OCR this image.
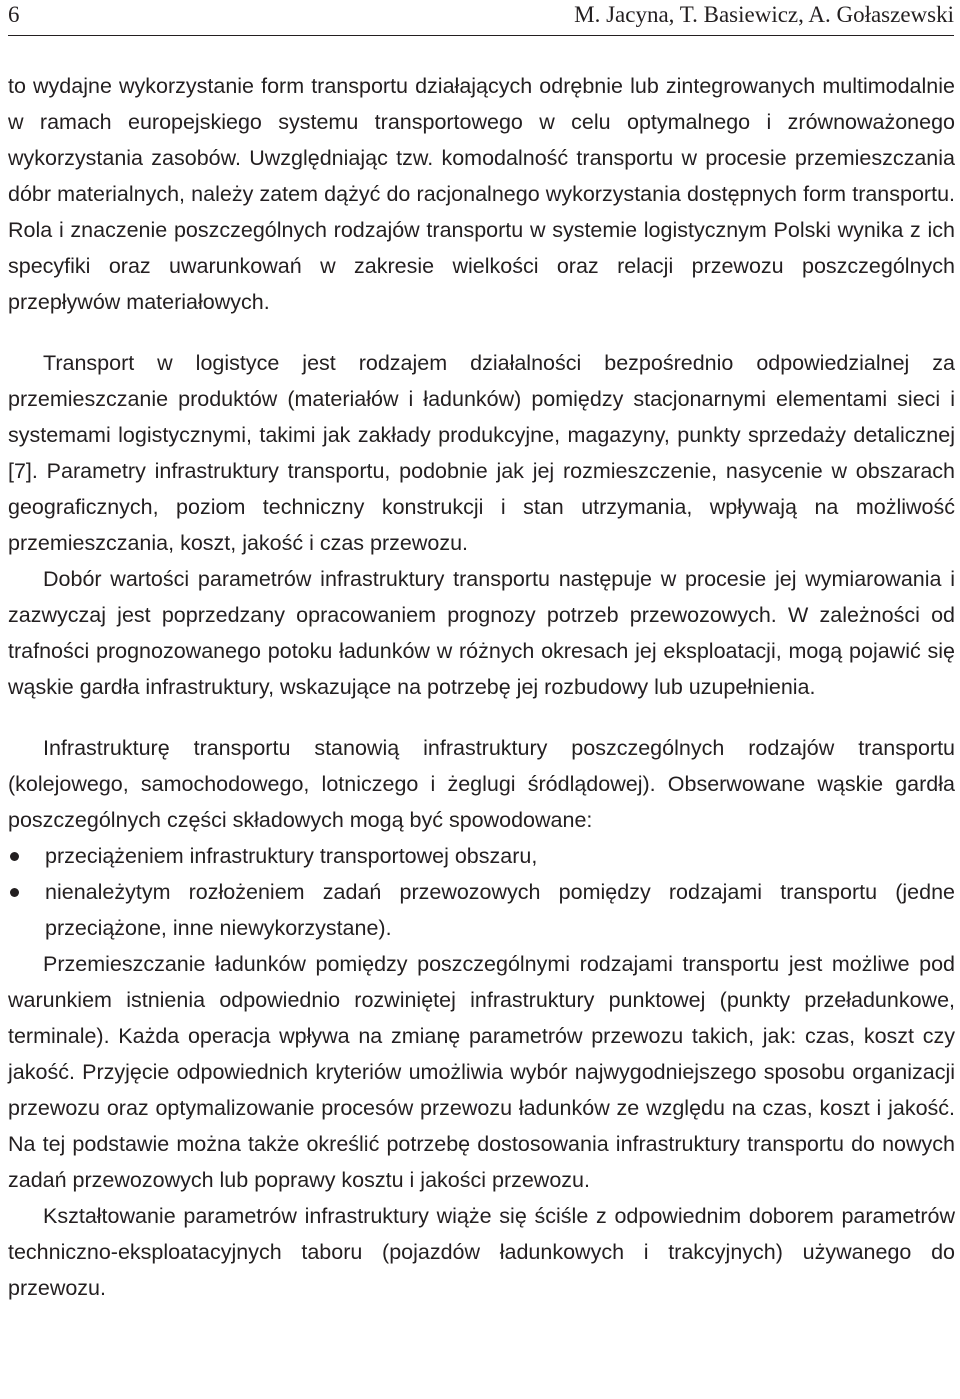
6	M. Jacyna, T. Basiewicz, A. Gołaszewski

to wydajne wykorzystanie form transportu działających odrębnie lub zintegrowanych multimodalnie w ramach europejskiego systemu transportowego w celu optymalnego i zrównoważonego wykorzystania zasobów. Uwzględniając tzw. komodalność transportu w procesie przemieszczania dóbr materialnych, należy zatem dążyć do racjonalnego wykorzystania dostępnych form transportu. Rola i znaczenie poszczególnych rodzajów transportu w systemie logistycznym Polski wynika z ich specyfiki oraz uwarunkowań w zakresie wielkości oraz relacji przewozu poszczególnych przepływów materiałowych.

Transport w logistyce jest rodzajem działalności bezpośrednio odpowiedzialnej za przemieszczanie produktów (materiałów i ładunków) pomiędzy stacjonarnymi elementami sieci i systemami logistycznymi, takimi jak zakłady produkcyjne, magazyny, punkty sprzedaży detalicznej [7]. Parametry infrastruktury transportu, podobnie jak jej rozmieszczenie, nasycenie w obszarach geograficznych, poziom techniczny konstrukcji i stan utrzymania, wpływają na możliwość przemieszczania, koszt, jakość i czas przewozu.

Dobór wartości parametrów infrastruktury transportu następuje w procesie jej wymiarowania i zazwyczaj jest poprzedzany opracowaniem prognozy potrzeb przewozowych. W zależności od trafności prognozowanego potoku ładunków w różnych okresach jej eksploatacji, mogą pojawić się wąskie gardła infrastruktury, wskazujące na potrzebę jej rozbudowy lub uzupełnienia.

Infrastrukturę transportu stanowią infrastruktury poszczególnych rodzajów transportu (kolejowego, samochodowego, lotniczego i żeglugi śródlądowej). Obserwowane wąskie gardła poszczególnych części składowych mogą być spowodowane:

przeciążeniem infrastruktury transportowej obszaru,
nienależytym rozłożeniem zadań przewozowych pomiędzy rodzajami transportu (jedne przeciążone, inne niewykorzystane).

Przemieszczanie ładunków pomiędzy poszczególnymi rodzajami transportu jest możliwe pod warunkiem istnienia odpowiednio rozwiniętej infrastruktury punktowej (punkty przeładunkowe, terminale). Każda operacja wpływa na zmianę parametrów przewozu takich, jak: czas, koszt czy jakość. Przyjęcie odpowiednich kryteriów umożliwia wybór najwygodniejszego sposobu organizacji przewozu oraz optymalizowanie procesów przewozu ładunków ze względu na czas, koszt i jakość. Na tej podstawie można także określić potrzebę dostosowania infrastruktury transportu do nowych zadań przewozowych lub poprawy kosztu i jakości przewozu.

Kształtowanie parametrów infrastruktury wiąże się ściśle z odpowiednim doborem parametrów techniczno-eksploatacyjnych taboru (pojazdów ładunkowych i trakcyjnych) używanego do przewozu.
